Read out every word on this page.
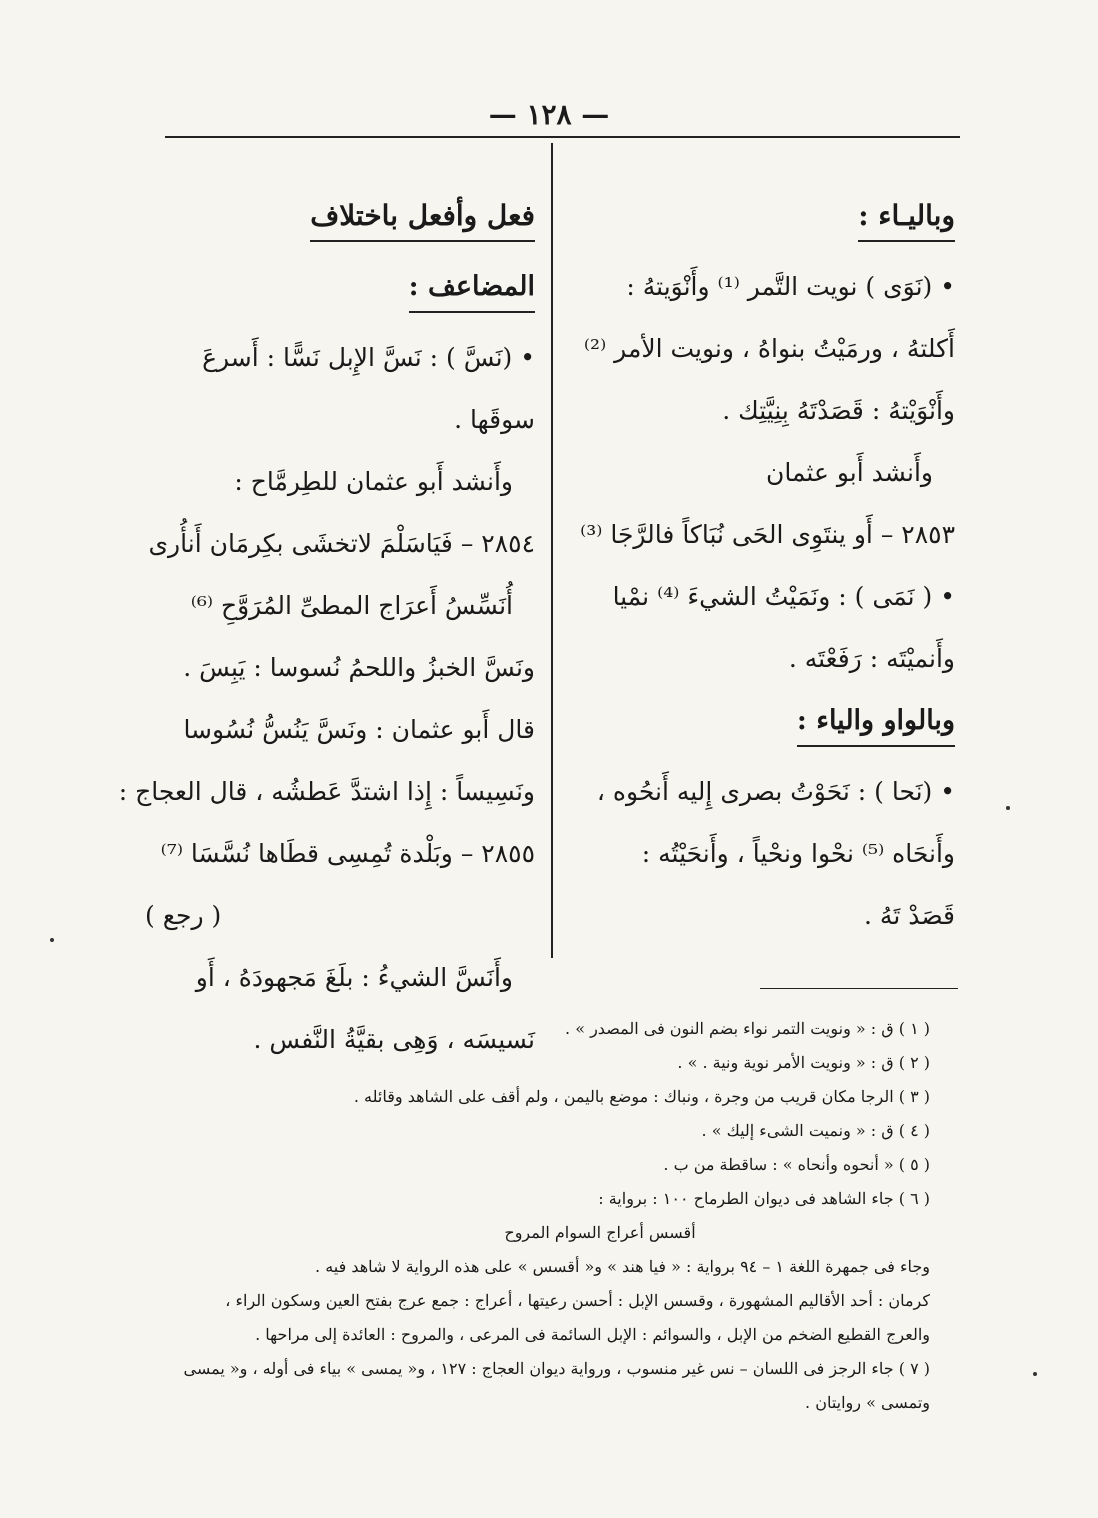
— ١٢٨ —

وباليـاء :

• (نَوَى ) نويت التَّمر ⁽¹⁾ وأَنْوَيتهُ :

أَكلتهُ ، ورمَيْتُ بنواهُ ، ونويت الأمر ⁽²⁾

وأَنْوَيْتهُ : قَصَدْتَهُ بِنِيَّتِك .

وأَنشد أَبو عثمان

٢٨٥٣ – أَو ينتَوِى الحَى نُبَاكاً فالرَّجَا ⁽³⁾

• ( نَمَى ) : ونَمَيْتُ الشيءَ ⁽⁴⁾ نمْيا

وأَنميْتَه : رَفَعْتَه .

وبالواو والياء :

• (نَحا ) : نَحَوْتُ بصرى إِليه أَنحُوه ،

وأَنحَاه ⁽⁵⁾ نحْوا ونحْياً ، وأَنحَيْتُه :

قَصَدْ تَهُ .

فعل وأفعل باختلاف

المضاعف :

• (نَسَّ ) : نَسَّ الإِبل نَسًّا : أَسرعَ

سوقَها .

وأَنشد أَبو عثمان للطِرمَّاح :

٢٨٥٤ – فَيَاسَلْمَ لاتخشَى بكِرمَان أَنأُرى

أُنَسِّسُ أَعرَاج المطىِّ المُرَوَّحِ ⁽⁶⁾

ونَسَّ الخبزُ واللحمُ نُسوسا : يَبِسَ .

قال أَبو عثمان : ونَسَّ يَنُسُّ نُسُوسا

ونَسِيساً : إِذا اشتدَّ عَطشُه ، قال العجاج :

٢٨٥٥ – وبَلْدة تُمِسِى قطَاها نُسَّسَا ⁽⁷⁾

( رجع )

وأَنَسَّ الشيءُ : بلَغَ مَجهودَهُ ، أَو

نَسيسَه ، وَهِى بقيَّةُ النَّفس .	( ١ ) ق : « ونويت التمر نواء بضم النون فى المصدر » .

( ٢ ) ق : « ونويت الأمر نوية ونية . » .

( ٣ ) الرجا مكان قريب من وجرة ، ونباك : موضع باليمن ، ولم أقف على الشاهد وقائله .

( ٤ ) ق : « ونميت الشىء إليك » .

( ٥ ) « أنحوه وأنحاه » : ساقطة من ب .

( ٦ ) جاء الشاهد فى ديوان الطرماح ١٠٠ : برواية :

أقسس أعراج السوام المروح

وجاء فى جمهرة اللغة ١ – ٩٤ برواية : « فيا هند » و« أقسس » على هذه الرواية لا شاهد فيه .

كرمان : أحد الأقاليم المشهورة ، وقسس الإبل : أحسن رعيتها ، أعراج : جمع عرج بفتح العين وسكون الراء ،

والعرج القطيع الضخم من الإبل ، والسوائم : الإبل السائمة فى المرعى ، والمروح : العائدة إلى مراحها .

( ٧ ) جاء الرجز فى اللسان – نس غير منسوب ، ورواية ديوان العجاج : ١٢٧ ، و« يمسى » بياء فى أوله ، و« يمسى

وتمسى » روايتان .
